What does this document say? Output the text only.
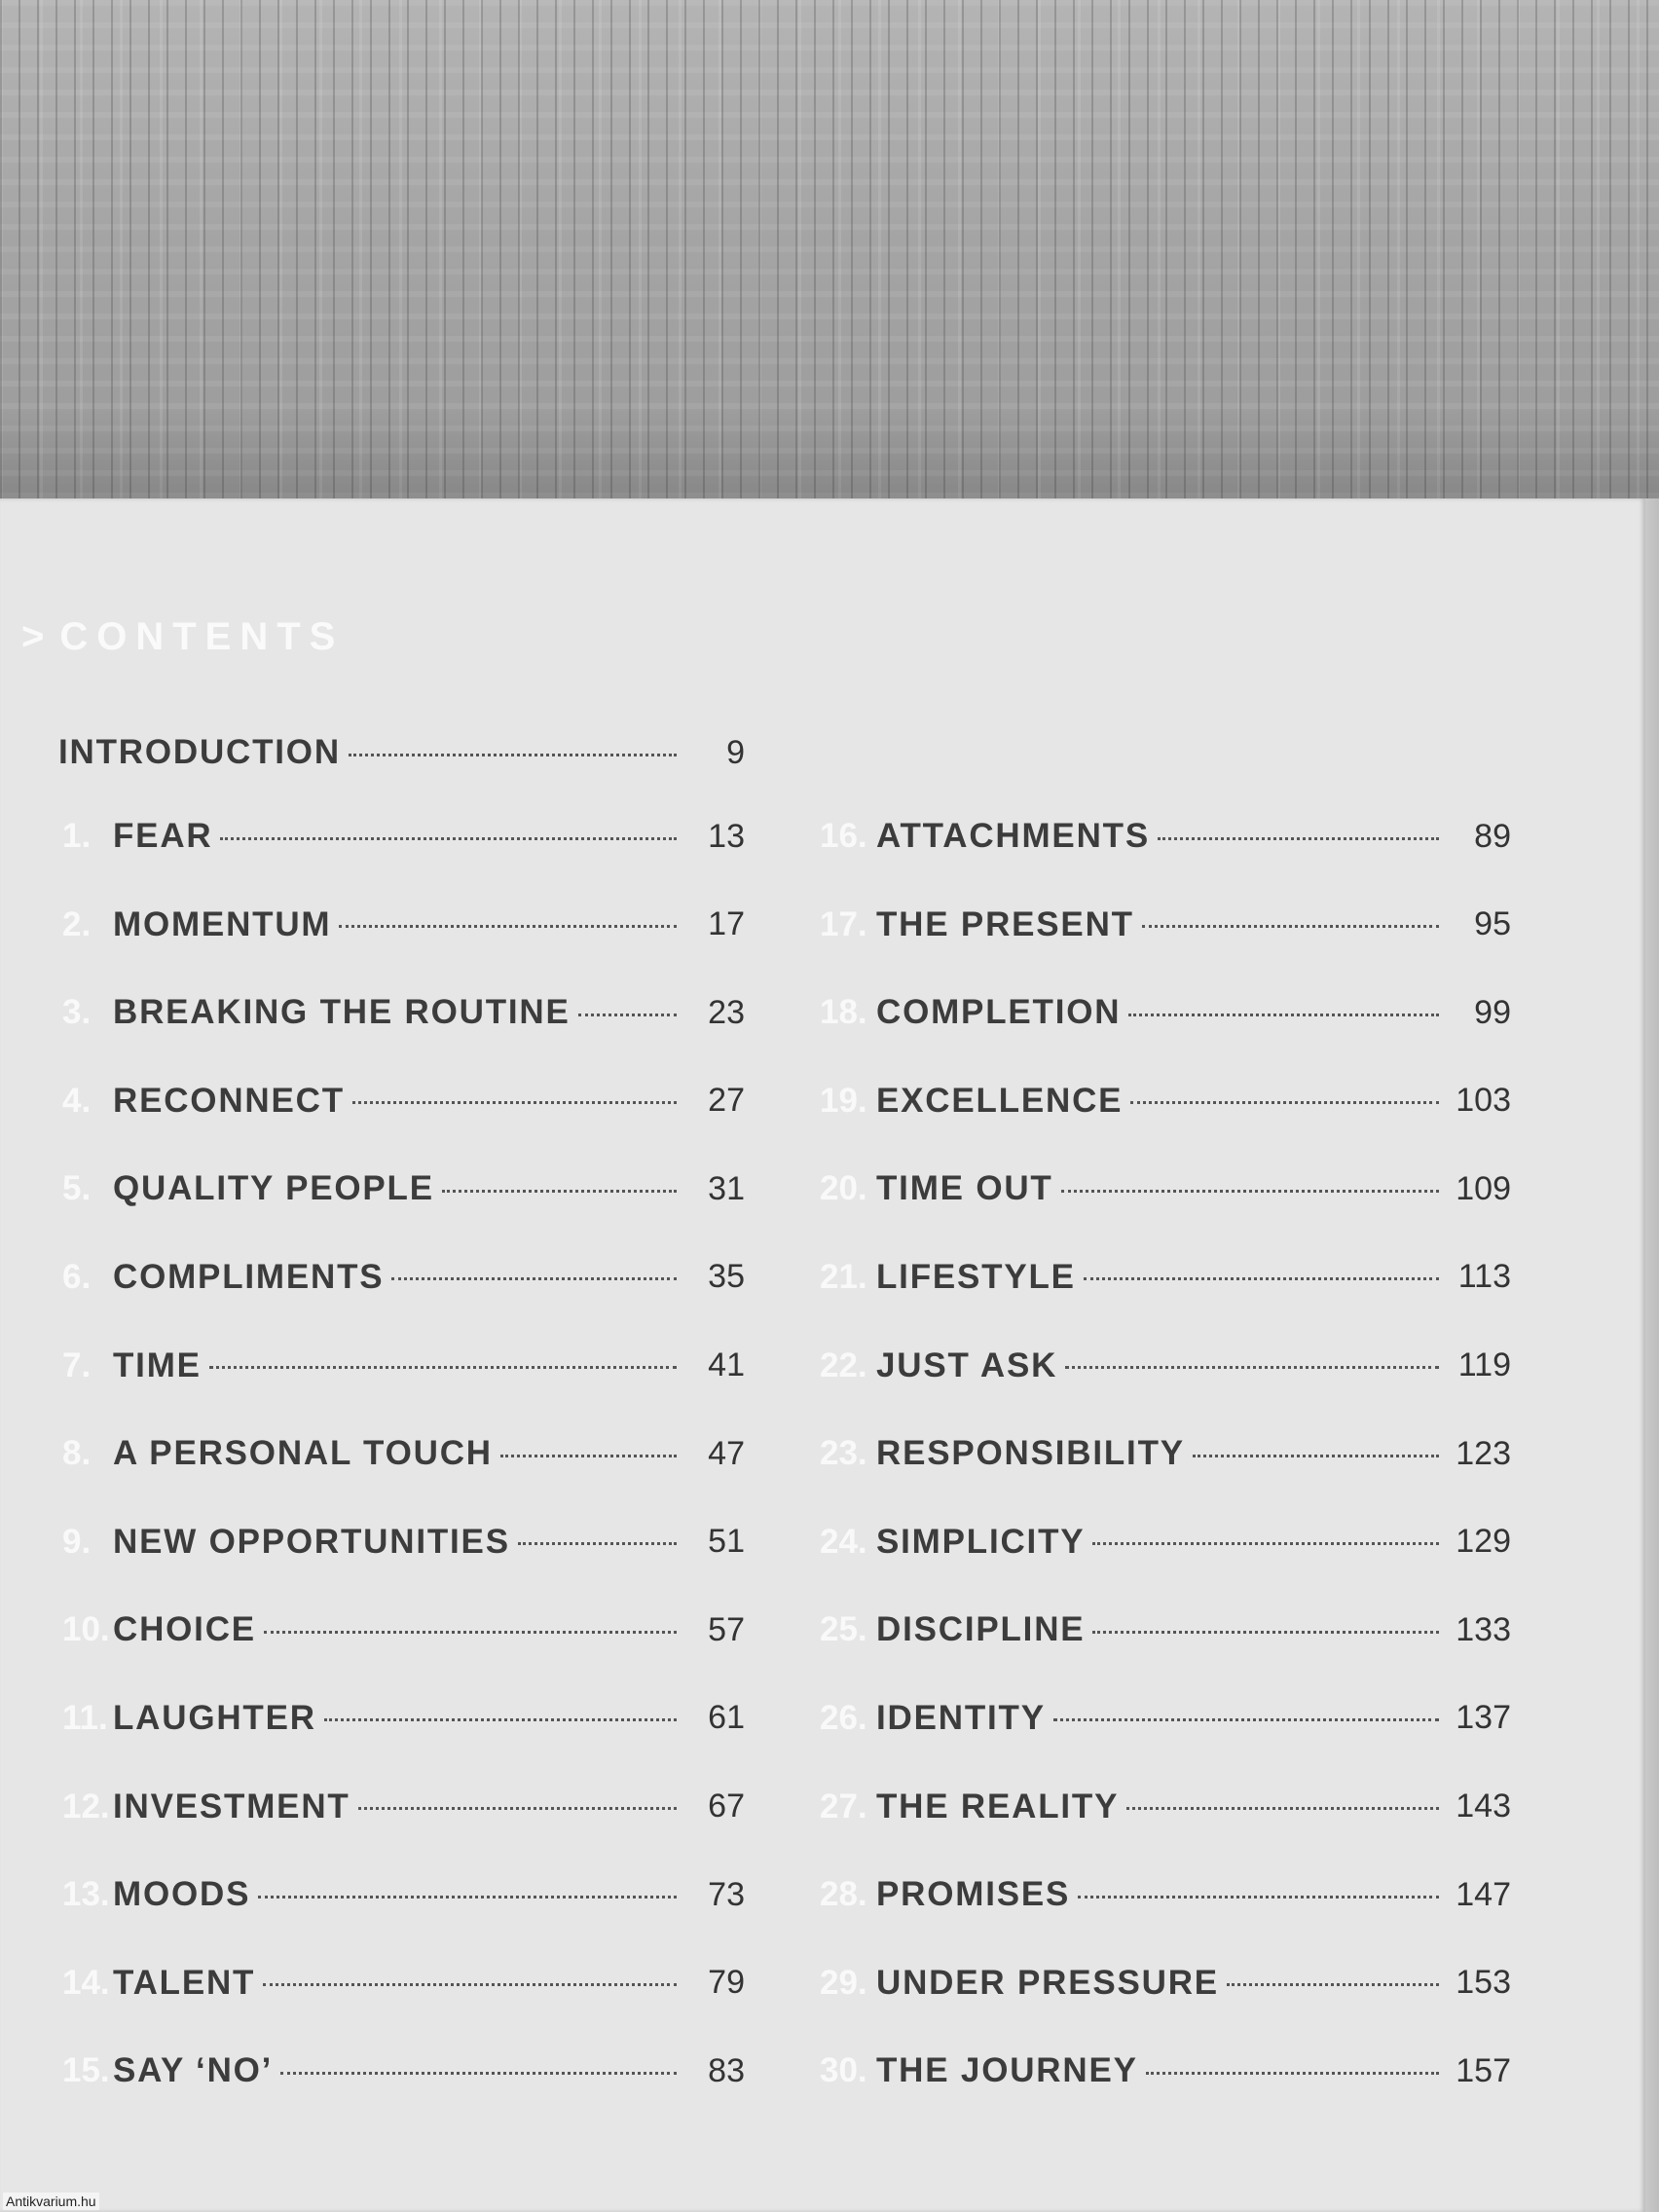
> CONTENTS
INTRODUCTION	9
1. FEAR	13
2. MOMENTUM	17
3. BREAKING THE ROUTINE	23
4. RECONNECT	27
5. QUALITY PEOPLE	31
6. COMPLIMENTS	35
7. TIME	41
8. A PERSONAL TOUCH	47
9. NEW OPPORTUNITIES	51
10. CHOICE	57
11. LAUGHTER	61
12. INVESTMENT	67
13. MOODS	73
14. TALENT	79
15. SAY ‘NO’	83
16. ATTACHMENTS	89
17. THE PRESENT	95
18. COMPLETION	99
19. EXCELLENCE	103
20. TIME OUT	109
21. LIFESTYLE	113
22. JUST ASK	119
23. RESPONSIBILITY	123
24. SIMPLICITY	129
25. DISCIPLINE	133
26. IDENTITY	137
27. THE REALITY	143
28. PROMISES	147
29. UNDER PRESSURE	153
30. THE JOURNEY	157

Antikvarium.hu
